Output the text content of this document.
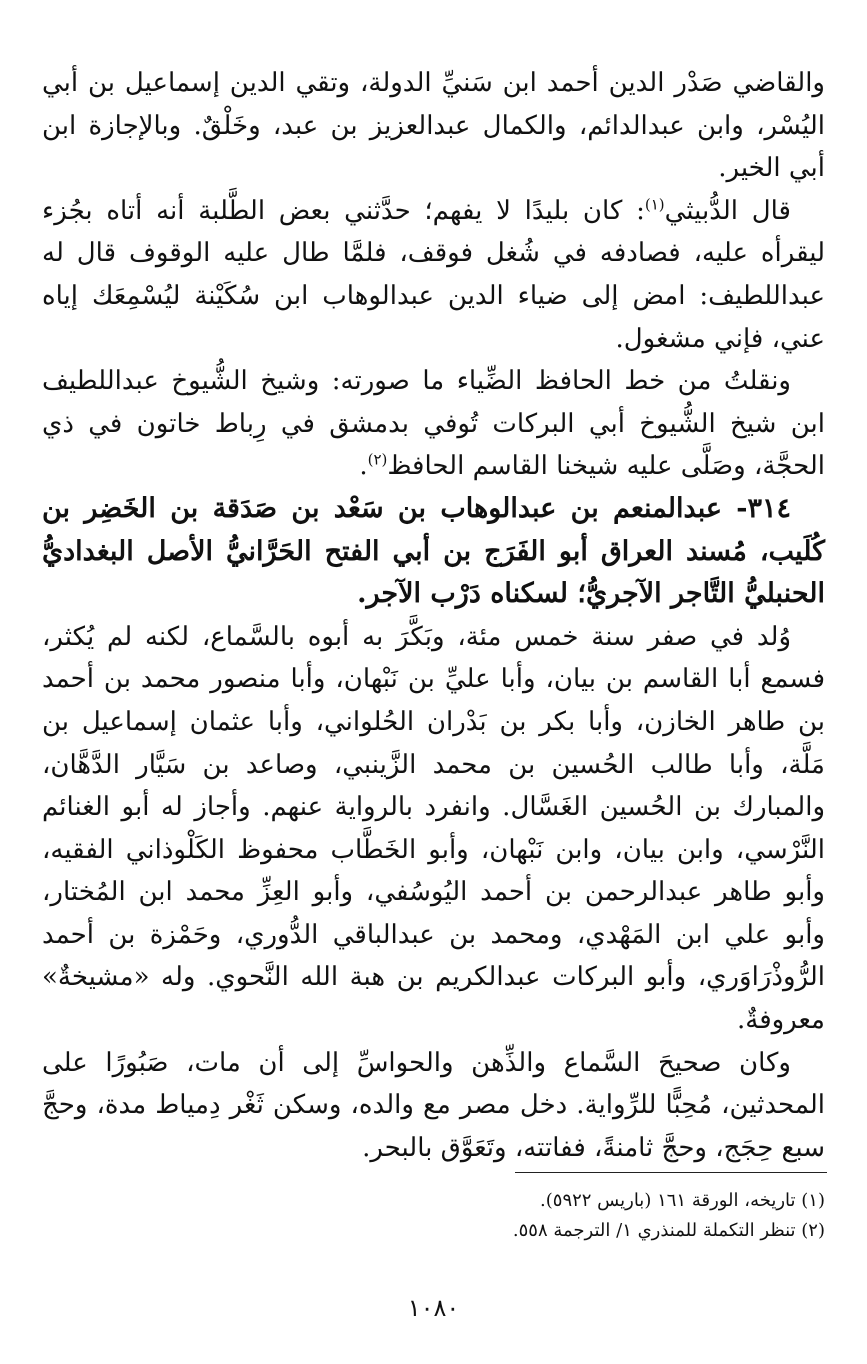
والقاضي صَدْر الدين أحمد ابن سَنيِّ الدولة، وتقي الدين إسماعيل بن أبي اليُسْر، وابن عبدالدائم، والكمال عبدالعزيز بن عبد، وخَلْقٌ. وبالإجازة ابن أبي الخير.

قال الدُّبيثي$^{(١)}$: كان بليدًا لا يفهم؛ حدَّثني بعض الطَّلبة أنه أتاه بجُزء ليقرأه عليه، فصادفه في شُغل فوقف، فلمَّا طال عليه الوقوف قال له عبداللطيف: امض إلى ضياء الدين عبدالوهاب ابن سُكَيْنة ليُسْمِعَك إياه عني، فإني مشغول.

ونقلتُ من خط الحافظ الضِّياء ما صورته: وشيخ الشُّيوخ عبداللطيف ابن شيخ الشُّيوخ أبي البركات تُوفي بدمشق في رِباط خاتون في ذي الحجَّة، وصَلَّى عليه شيخنا القاسم الحافظ$^{(٢)}$.

٣١٤- عبدالمنعم بن عبدالوهاب بن سَعْد بن صَدَقة بن الخَضِر بن كُلَيب، مُسند العراق أبو الفَرَج بن أبي الفتح الحَرَّانيُّ الأصل البغداديُّ الحنبليُّ التَّاجر الآجريُّ؛ لسكناه دَرْب الآجر.

وُلد في صفر سنة خمس مئة، وبَكَّرَ به أبوه بالسَّماع، لكنه لم يُكثر، فسمع أبا القاسم بن بيان، وأبا عليِّ بن نَبْهان، وأبا منصور محمد بن أحمد بن طاهر الخازن، وأبا بكر بن بَدْران الحُلواني، وأبا عثمان إسماعيل بن مَلَّة، وأبا طالب الحُسين بن محمد الزَّينبي، وصاعد بن سَيَّار الدَّهَّان، والمبارك بن الحُسين الغَسَّال. وانفرد بالرواية عنهم. وأجاز له أبو الغنائم النَّرْسي، وابن بيان، وابن نَبْهان، وأبو الخَطَّاب محفوظ الكَلْوذاني الفقيه، وأبو طاهر عبدالرحمن بن أحمد اليُوسُفي، وأبو العِزِّ محمد ابن المُختار، وأبو علي ابن المَهْدي، ومحمد بن عبدالباقي الدُّوري، وحَمْزة بن أحمد الرُّوذْرَاوَري، وأبو البركات عبدالكريم بن هبة الله النَّحوي. وله «مشيخةٌ» معروفةٌ.

وكان صحيحَ السَّماع والذِّهن والحواسِّ إلى أن مات، صَبُورًا على المحدثين، مُحِبًّا للرِّواية. دخل مصر مع والده، وسكن ثَغْر دِمياط مدة، وحجَّ سبع حِجَج، وحجَّ ثامنةً، ففاتته، وتَعَوَّق بالبحر.

(١) تاريخه، الورقة ١٦١ (باريس ٥٩٢٢).
(٢) تنظر التكملة للمنذري ١/ الترجمة ٥٥٨.
١٠٨٠
